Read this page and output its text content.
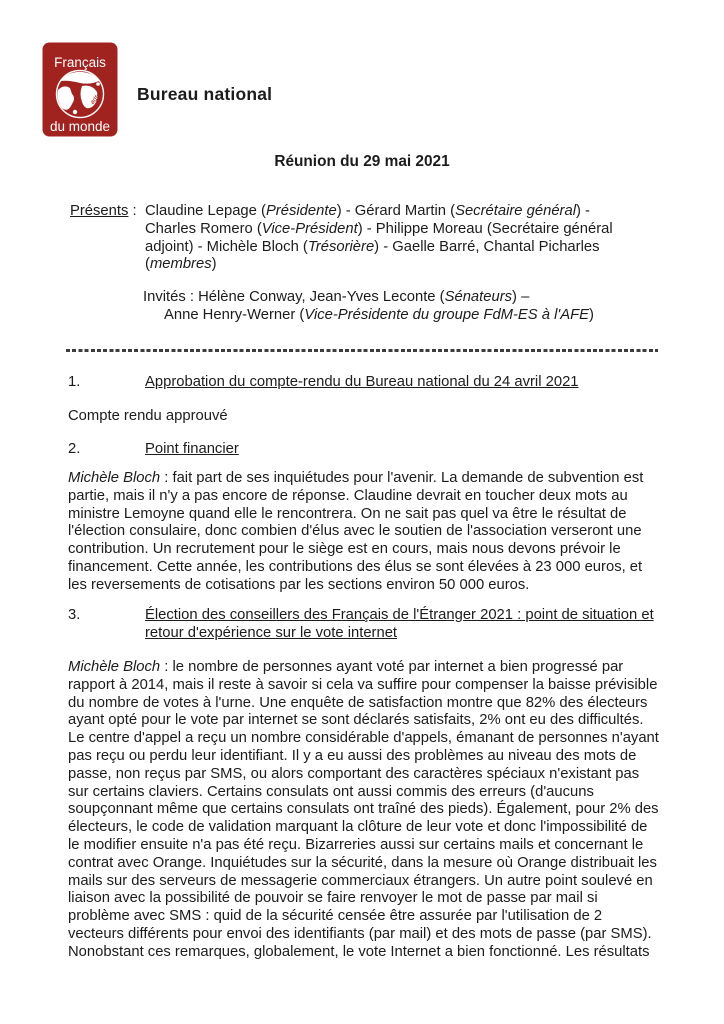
Français
adfe
du monde
Bureau national
Réunion du 29 mai 2021
Présents : Claudine Lepage (Présidente) - Gérard Martin (Secrétaire général) - Charles Romero (Vice-Président) - Philippe Moreau (Secrétaire général adjoint) - Michèle Bloch (Trésorière) - Gaelle Barré, Chantal Picharles (membres)
Invités : Hélène Conway, Jean-Yves Leconte (Sénateurs) –
Anne Henry-Werner (Vice-Présidente du groupe FdM-ES à l'AFE)
1.	Approbation du compte-rendu du Bureau national du 24 avril 2021
Compte rendu approuvé
2.	Point financier
Michèle Bloch : fait part de ses inquiétudes pour l'avenir. La demande de subvention est partie, mais il n'y a pas encore de réponse. Claudine devrait en toucher deux mots au ministre Lemoyne quand elle le rencontrera. On ne sait pas quel va être le résultat de l'élection consulaire, donc combien d'élus avec le soutien de l'association verseront une contribution. Un recrutement pour le siège est en cours, mais nous devons prévoir le financement. Cette année, les contributions des élus se sont élevées à 23 000 euros, et les reversements de cotisations par les sections environ 50 000 euros.
3.	Élection des conseillers des Français de l'Étranger 2021 : point de situation et retour d'expérience sur le vote internet
Michèle Bloch : le nombre de personnes ayant voté par internet a bien progressé par rapport à 2014, mais il reste à savoir si cela va suffire pour compenser la baisse prévisible du nombre de votes à l'urne. Une enquête de satisfaction montre que 82% des électeurs ayant opté pour le vote par internet se sont déclarés satisfaits, 2% ont eu des difficultés. Le centre d'appel a reçu un nombre considérable d'appels, émanant de personnes n'ayant pas reçu ou perdu leur identifiant. Il y a eu aussi des problèmes au niveau des mots de passe, non reçus par SMS, ou alors comportant des caractères spéciaux n'existant pas sur certains claviers. Certains consulats ont aussi commis des erreurs (d'aucuns soupçonnant même que certains consulats ont traîné des pieds). Également, pour 2% des électeurs, le code de validation marquant la clôture de leur vote et donc l'impossibilité de le modifier ensuite n'a pas été reçu. Bizarreries aussi sur certains mails et concernant le contrat avec Orange. Inquiétudes sur la sécurité, dans la mesure où Orange distribuait les mails sur des serveurs de messagerie commerciaux étrangers. Un autre point soulevé en liaison avec la possibilité de pouvoir se faire renvoyer le mot de passe par mail si problème avec SMS : quid de la sécurité censée être assurée par l'utilisation de 2 vecteurs différents pour envoi des identifiants (par mail) et des mots de passe (par SMS). Nonobstant ces remarques, globalement, le vote Internet a bien fonctionné. Les résultats
